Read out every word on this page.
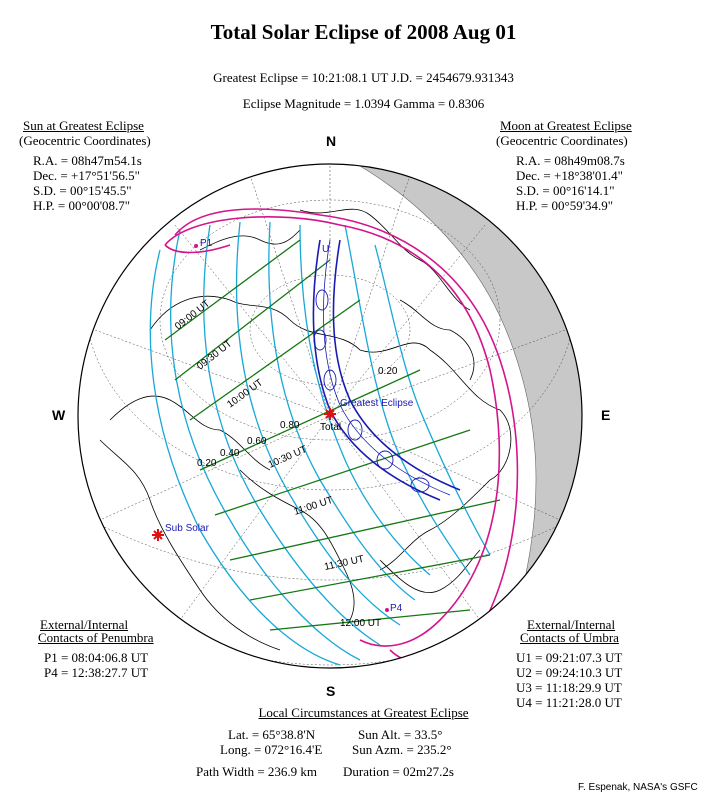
Total Solar Eclipse of 2008 Aug 01
Greatest Eclipse = 10:21:08.1 UT J.D. = 2454679.931343
Eclipse Magnitude = 1.0394 Gamma = 0.8306
Sun at Greatest Eclipse
(Geocentric Coordinates)
R.A. = 08h47m54.1s
Dec. = +17°51'56.5"
S.D. = 00°15'45.5"
H.P. = 00°00'08.7"
Moon at Greatest Eclipse
(Geocentric Coordinates)
R.A. = 08h49m08.7s
Dec. = +18°38'01.4"
S.D. = 00°16'14.1"
H.P. = 00°59'34.9"
N
S
W	E
Greatest Eclipse
Total
Sub Solar
P1
P4
U
09:00 UT
09:30 UT
10:00 UT
10:30 UT
11:00 UT
11:30 UT
12:00 UT
0.20
0.40
0.60
0.80
0.20
External/Internal
Contacts of Penumbra
P1 = 08:04:06.8 UT
P4 = 12:38:27.7 UT
External/Internal
Contacts of Umbra
U1 = 09:21:07.3 UT
U2 = 09:24:10.3 UT
U3 = 11:18:29.9 UT
U4 = 11:21:28.0 UT
Local Circumstances at Greatest Eclipse
Lat. = 65°38.8'N	Sun Alt. = 33.5°
Long. = 072°16.4'E Sun Azm. = 235.2°
Path Width = 236.9 km Duration = 02m27.2s
F. Espenak, NASA's GSFC
